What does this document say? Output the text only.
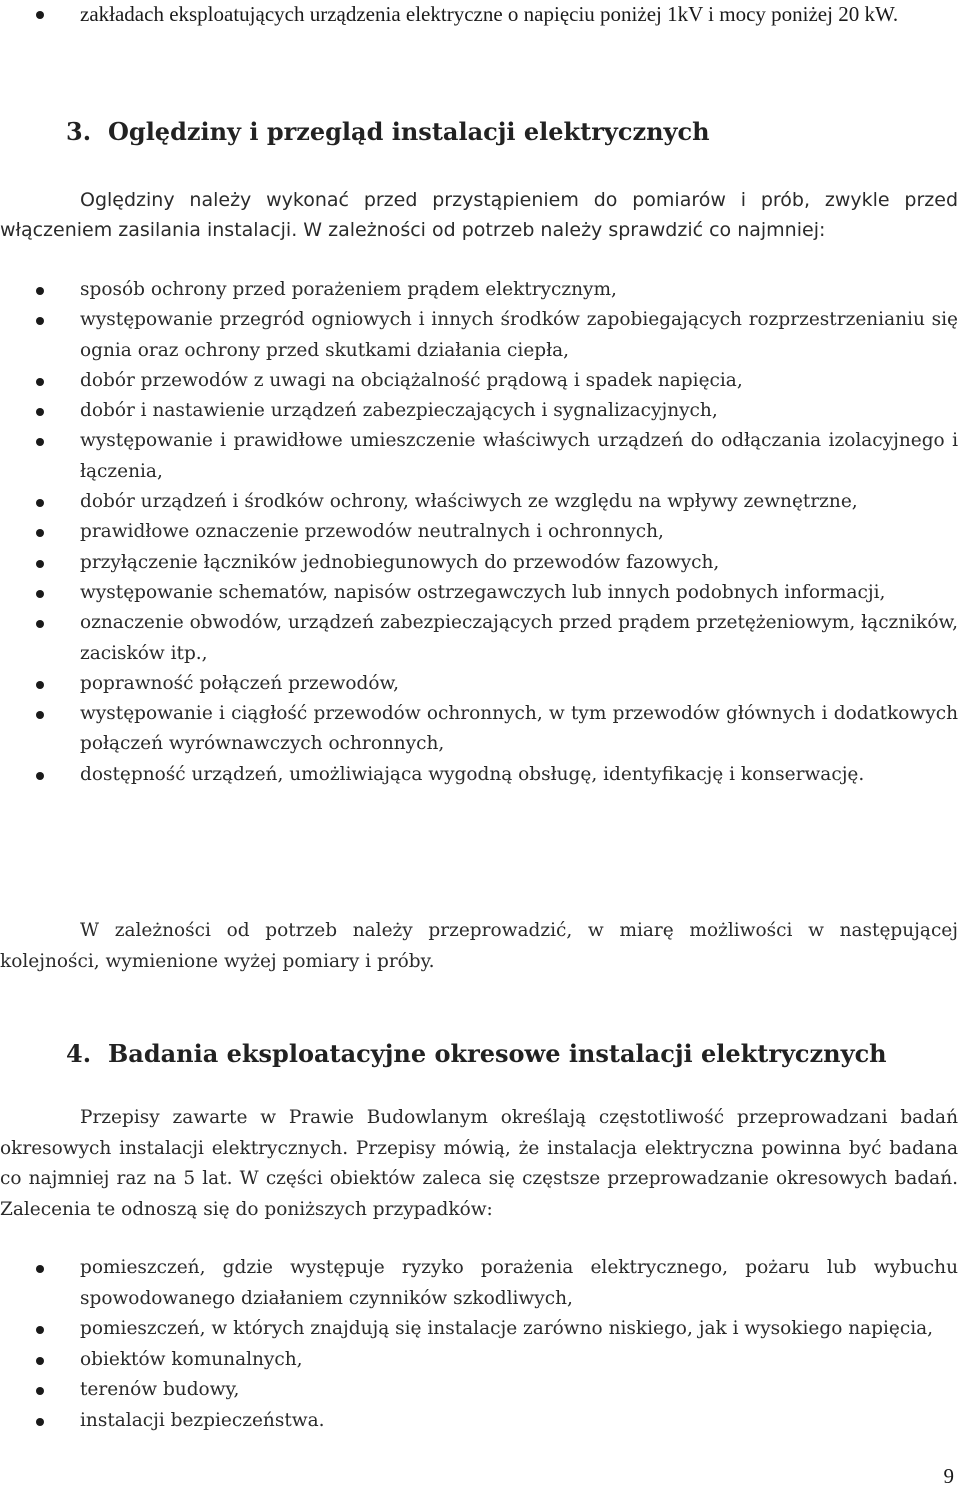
zakładach eksploatujących urządzenia elektryczne o napięciu poniżej 1kV i mocy poniżej 20 kW.
3. Oględziny i przegląd instalacji elektrycznych

Oględziny należy wykonać przed przystąpieniem do pomiarów i prób, zwykle przed włączeniem zasilania instalacji. W zależności od potrzeb należy sprawdzić co najmniej:

sposób ochrony przed porażeniem prądem elektrycznym,
występowanie przegród ogniowych i innych środków zapobiegających rozprzestrzenianiu się ognia oraz ochrony przed skutkami działania ciepła,
dobór przewodów z uwagi na obciążalność prądową i spadek napięcia,
dobór i nastawienie urządzeń zabezpieczających i sygnalizacyjnych,
występowanie i prawidłowe umieszczenie właściwych urządzeń do odłączania izolacyjnego i łączenia,
dobór urządzeń i środków ochrony, właściwych ze względu na wpływy zewnętrzne,
prawidłowe oznaczenie przewodów neutralnych i ochronnych,
przyłączenie łączników jednobiegunowych do przewodów fazowych,
występowanie schematów, napisów ostrzegawczych lub innych podobnych informacji,
oznaczenie obwodów, urządzeń zabezpieczających przed prądem przetężeniowym, łączników, zacisków itp.,
poprawność połączeń przewodów,
występowanie i ciągłość przewodów ochronnych, w tym przewodów głównych i dodatkowych połączeń wyrównawczych ochronnych,
dostępność urządzeń, umożliwiająca wygodną obsługę, identyfikację i konserwację.

W zależności od potrzeb należy przeprowadzić, w miarę możliwości w następującej kolejności, wymienione wyżej pomiary i próby.

4. Badania eksploatacyjne okresowe instalacji elektrycznych

Przepisy zawarte w Prawie Budowlanym określają częstotliwość przeprowadzani badań okresowych instalacji elektrycznych. Przepisy mówią, że instalacja elektryczna powinna być badana co najmniej raz na 5 lat. W części obiektów zaleca się częstsze przeprowadzanie okresowych badań. Zalecenia te odnoszą się do poniższych przypadków:

pomieszczeń, gdzie występuje ryzyko porażenia elektrycznego, pożaru lub wybuchu spowodowanego działaniem czynników szkodliwych,
pomieszczeń, w których znajdują się instalacje zarówno niskiego, jak i wysokiego napięcia,
obiektów komunalnych,
terenów budowy,
instalacji bezpieczeństwa.
9
